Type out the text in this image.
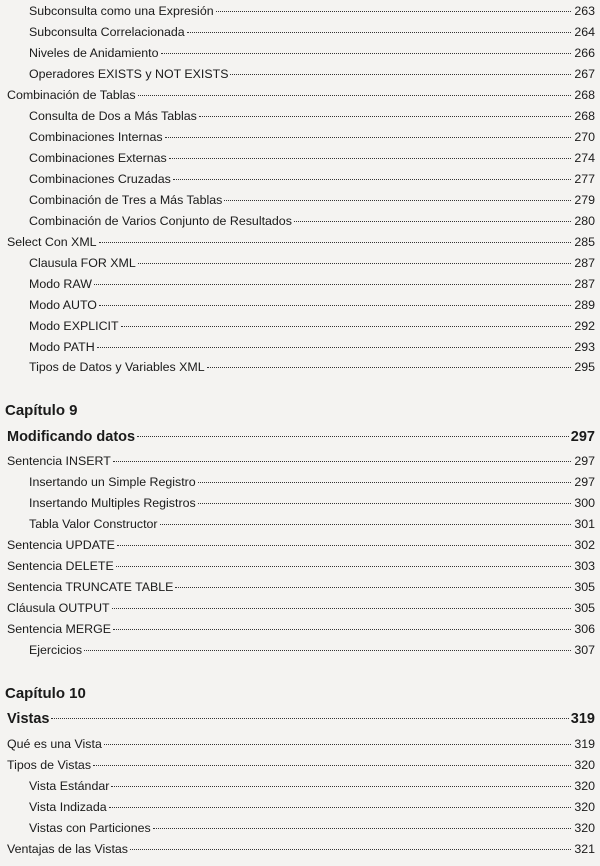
Subconsulta como una Expresión	263
Subconsulta Correlacionada	264
Niveles de Anidamiento	266
Operadores EXISTS y NOT EXISTS	267
Combinación de Tablas	268
Consulta de Dos a Más Tablas	268
Combinaciones Internas	270
Combinaciones Externas	274
Combinaciones Cruzadas	277
Combinación de Tres a Más Tablas	279
Combinación de Varios Conjunto de Resultados	280
Select Con XML	285
Clausula FOR XML	287
Modo RAW	287
Modo AUTO	289
Modo EXPLICIT	292
Modo PATH	293
Tipos de Datos y Variables XML	295
Capítulo 9
Modificando datos	297
Sentencia INSERT	297
Insertando un Simple Registro	297
Insertando Multiples Registros	300
Tabla Valor Constructor	301
Sentencia UPDATE	302
Sentencia DELETE	303
Sentencia TRUNCATE TABLE	305
Cláusula OUTPUT	305
Sentencia MERGE	306
Ejercicios	307
Capítulo 10
Vistas	319
Qué es una Vista	319
Tipos de Vistas	320
Vista Estándar	320
Vista Indizada	320
Vistas con Particiones	320
Ventajas de las Vistas	321
